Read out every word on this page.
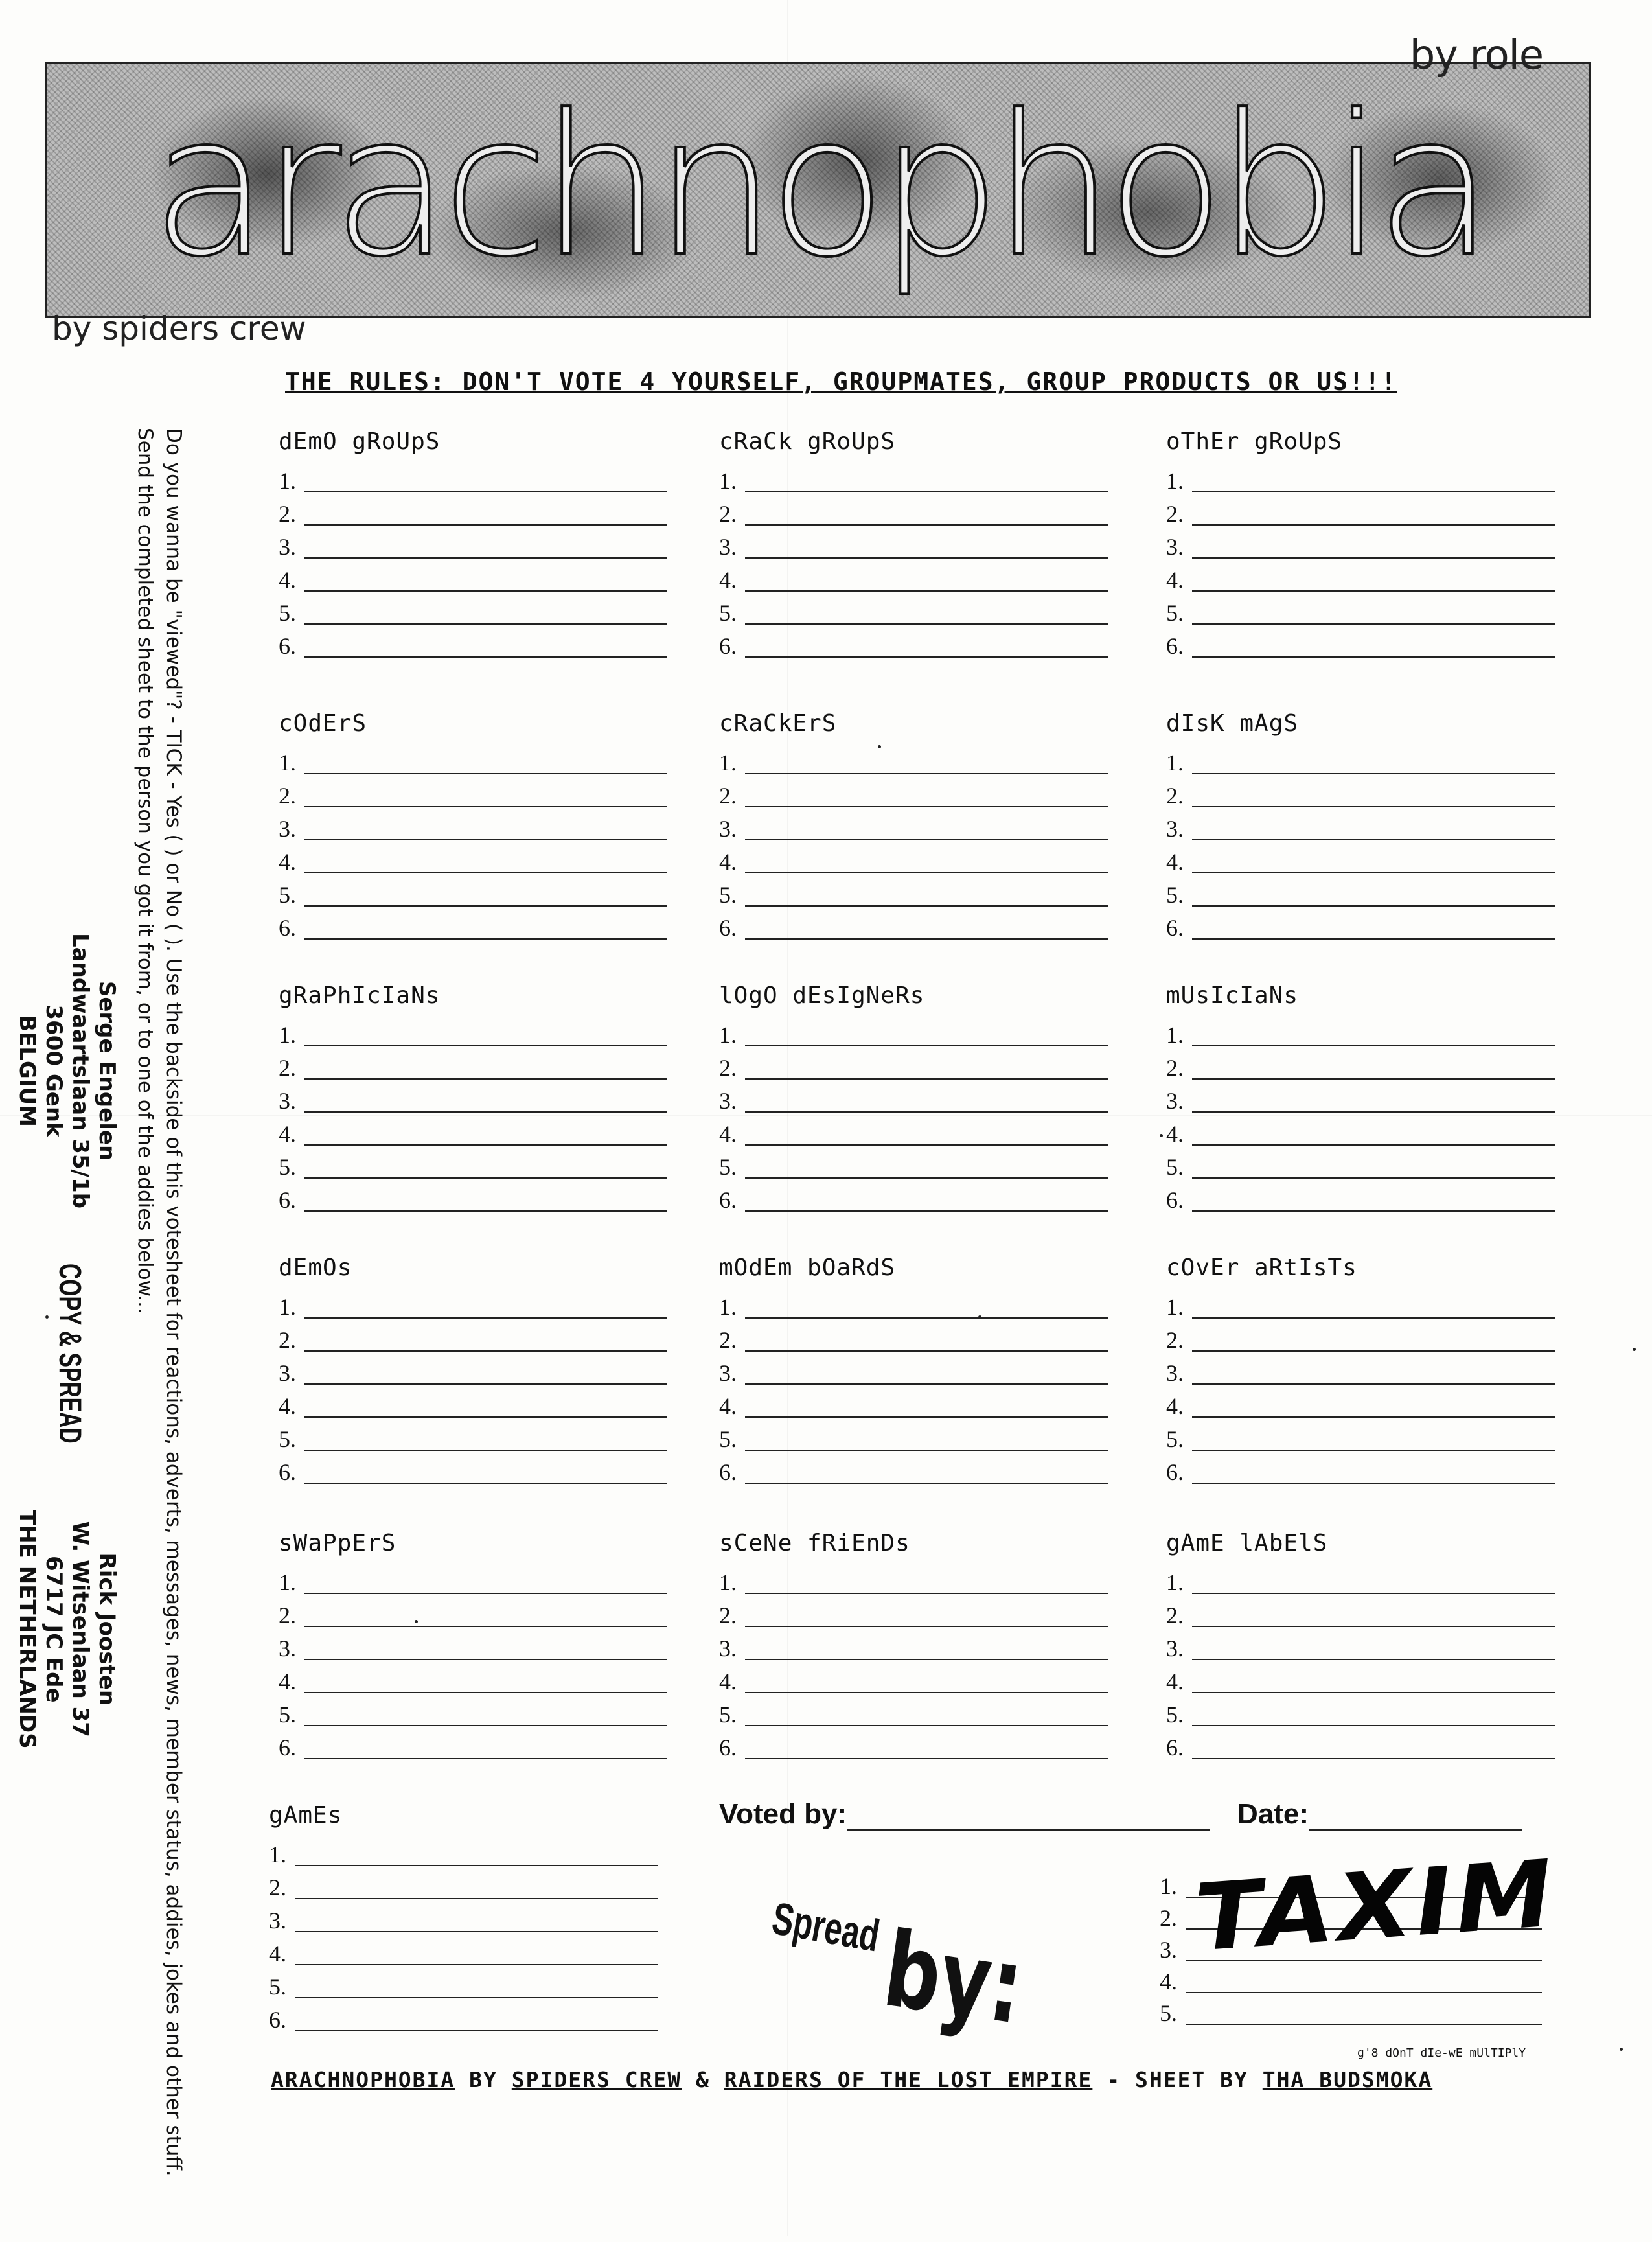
arachnophobia
by role
by spiders crew
THE RULES: DON'T VOTE 4 YOURSELF, GROUPMATES, GROUP PRODUCTS OR US!!!
Do you wanna be "viewed"? - TICK - Yes ( ) or No ( ). Use the backside of this votesheet for reactions, adverts, messages, news, member status, addies, jokes and other stuff.
Send the completed sheet to the person you got it from, or to one of the addies below...
Serge Engelen
Landwaartslaan 35/1b
3600 Genk
BELGIUM
COPY & SPREAD
Rick Joosten
W. Witsenlaan 37
6717 JC Ede
THE NETHERLANDS
dEmO gRoUpS
1.
2.
3.
4.
5.
6.
cRaCk gRoUpS
1.
2.
3.
4.
5.
6.
oThEr gRoUpS
1.
2.
3.
4.
5.
6.
cOdErS
1.
2.
3.
4.
5.
6.
cRaCkErS
1.
2.
3.
4.
5.
6.
dIsK mAgS
1.
2.
3.
4.
5.
6.
gRaPhIcIaNs
1.
2.
3.
4.
5.
6.
lOgO dEsIgNeRs
1.
2.
3.
4.
5.
6.
mUsIcIaNs
1.
2.
3.
4.
5.
6.
dEmOs
1.
2.
3.
4.
5.
6.
mOdEm bOaRdS
1.
2.
3.
4.
5.
6.
cOvEr aRtIsTs
1.
2.
3.
4.
5.
6.
sWaPpErS
1.
2.
3.
4.
5.
6.
sCeNe fRiEnDs
1.
2.
3.
4.
5.
6.
gAmE lAbElS
1.
2.
3.
4.
5.
6.
gAmEs
1.
2.
3.
4.
5.
6.
Voted by:	Date:
Spread
by:
1.
2.
3.
4.
5.
TAXIM
g'8 dOnT dIe-wE mUlTIPlY
ARACHNOPHOBIA BY SPIDERS CREW & RAIDERS OF THE LOST EMPIRE - SHEET BY THA BUDSMOKA
